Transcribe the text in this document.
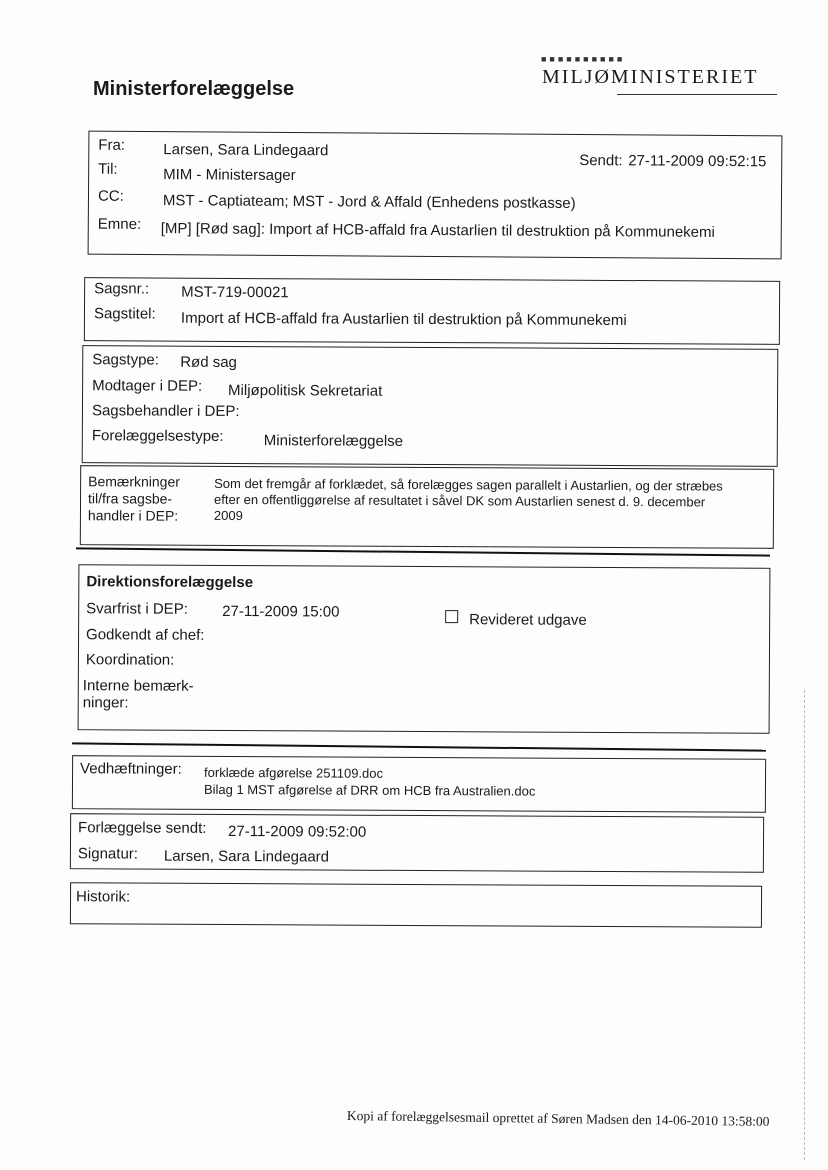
Ministerforelæggelse
■■■■■■■■■■
MILJØMINISTERIET
Fra:	Larsen, Sara Lindegaard
Sendt: 27-11-2009 09:52:15
Til:	MIM - Ministersager
CC:	MST - Captiateam; MST - Jord & Affald (Enhedens postkasse)
Emne: [MP] [Rød sag]: Import af HCB-affald fra Austarlien til destruktion på Kommunekemi
Sagsnr.: MST-719-00021
Sagstitel: Import af HCB-affald fra Austarlien til destruktion på Kommunekemi
Sagstype: Rød sag
Modtager i DEP: Miljøpolitisk Sekretariat
Sagsbehandler i DEP:
Forelæggelsestype:	Ministerforelæggelse
Bemærkninger
til/fra sagsbe-
handler i DEP:
Som det fremgår af forklædet, så forelægges sagen parallelt i Austarlien, og der stræbes
efter en offentliggørelse af resultatet i såvel DK som Austarlien senest d. 9. december
2009
Direktionsforelæggelse
Svarfrist i DEP: 27-11-2009 15:00	Revideret udgave
Godkendt af chef:
Koordination:
Interne bemærk-
ninger:
Vedhæftninger: forklæde afgørelse 251109.doc
Bilag 1 MST afgørelse af DRR om HCB fra Australien.doc
Forlæggelse sendt: 27-11-2009 09:52:00
Signatur: Larsen, Sara Lindegaard
Historik:
Kopi af forelæggelsesmail oprettet af Søren Madsen den 14-06-2010 13:58:00
